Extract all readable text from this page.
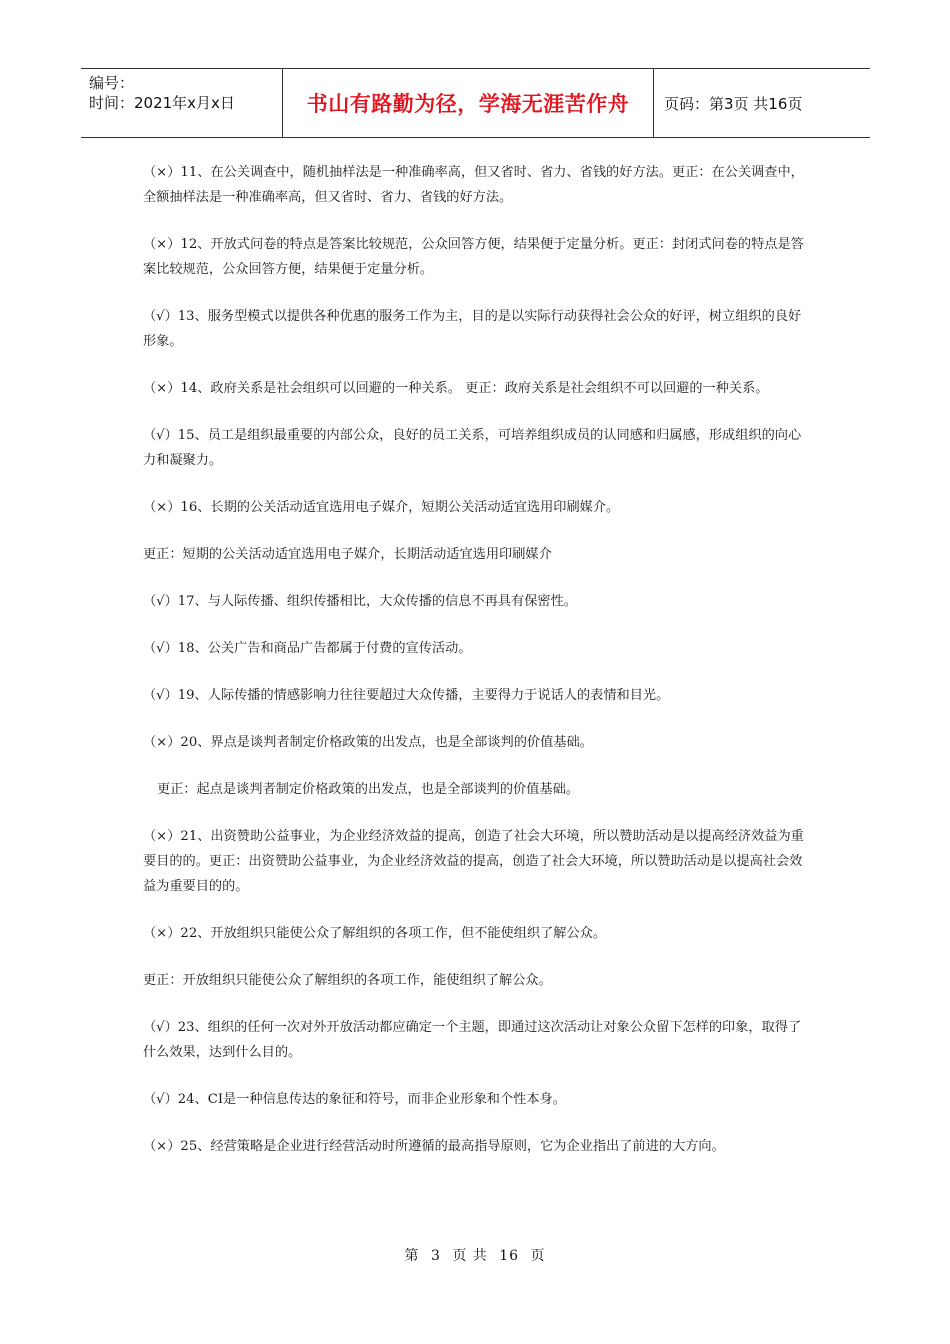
编号：
时间：2021年x月x日	书山有路勤为径，学海无涯苦作舟	页码：第3页 共16页

（×）11、在公关调查中，随机抽样法是一种准确率高，但又省时、省力、省钱的好方法。更正：在公关调查中，全额抽样法是一种准确率高，但又省时、省力、省钱的好方法。

（×）12、开放式问卷的特点是答案比较规范，公众回答方便，结果便于定量分析。更正：封闭式问卷的特点是答案比较规范，公众回答方便，结果便于定量分析。

（√）13、服务型模式以提供各种优惠的服务工作为主，目的是以实际行动获得社会公众的好评，树立组织的良好形象。

（×）14、政府关系是社会组织可以回避的一种关系。 更正：政府关系是社会组织不可以回避的一种关系。

（√）15、员工是组织最重要的内部公众，良好的员工关系，可培养组织成员的认同感和归属感，形成组织的向心力和凝聚力。

（×）16、长期的公关活动适宜选用电子媒介，短期公关活动适宜选用印刷媒介。

更正：短期的公关活动适宜选用电子媒介，长期活动适宜选用印刷媒介

（√）17、与人际传播、组织传播相比，大众传播的信息不再具有保密性。

（√）18、公关广告和商品广告都属于付费的宣传活动。

（√）19、人际传播的情感影响力往往要超过大众传播，主要得力于说话人的表情和目光。

（×）20、界点是谈判者制定价格政策的出发点，也是全部谈判的价值基础。

更正：起点是谈判者制定价格政策的出发点，也是全部谈判的价值基础。

（×）21、出资赞助公益事业，为企业经济效益的提高，创造了社会大环境，所以赞助活动是以提高经济效益为重要目的的。更正：出资赞助公益事业，为企业经济效益的提高，创造了社会大环境，所以赞助活动是以提高社会效益为重要目的的。

（×）22、开放组织只能使公众了解组织的各项工作，但不能使组织了解公众。

更正：开放组织只能使公众了解组织的各项工作，能使组织了解公众。

（√）23、组织的任何一次对外开放活动都应确定一个主题，即通过这次活动让对象公众留下怎样的印象，取得了什么效果，达到什么目的。

（√）24、CI是一种信息传达的象征和符号，而非企业形象和个性本身。

（×）25、经营策略是企业进行经营活动时所遵循的最高指导原则，它为企业指出了前进的大方向。

第 3 页 共 16 页
